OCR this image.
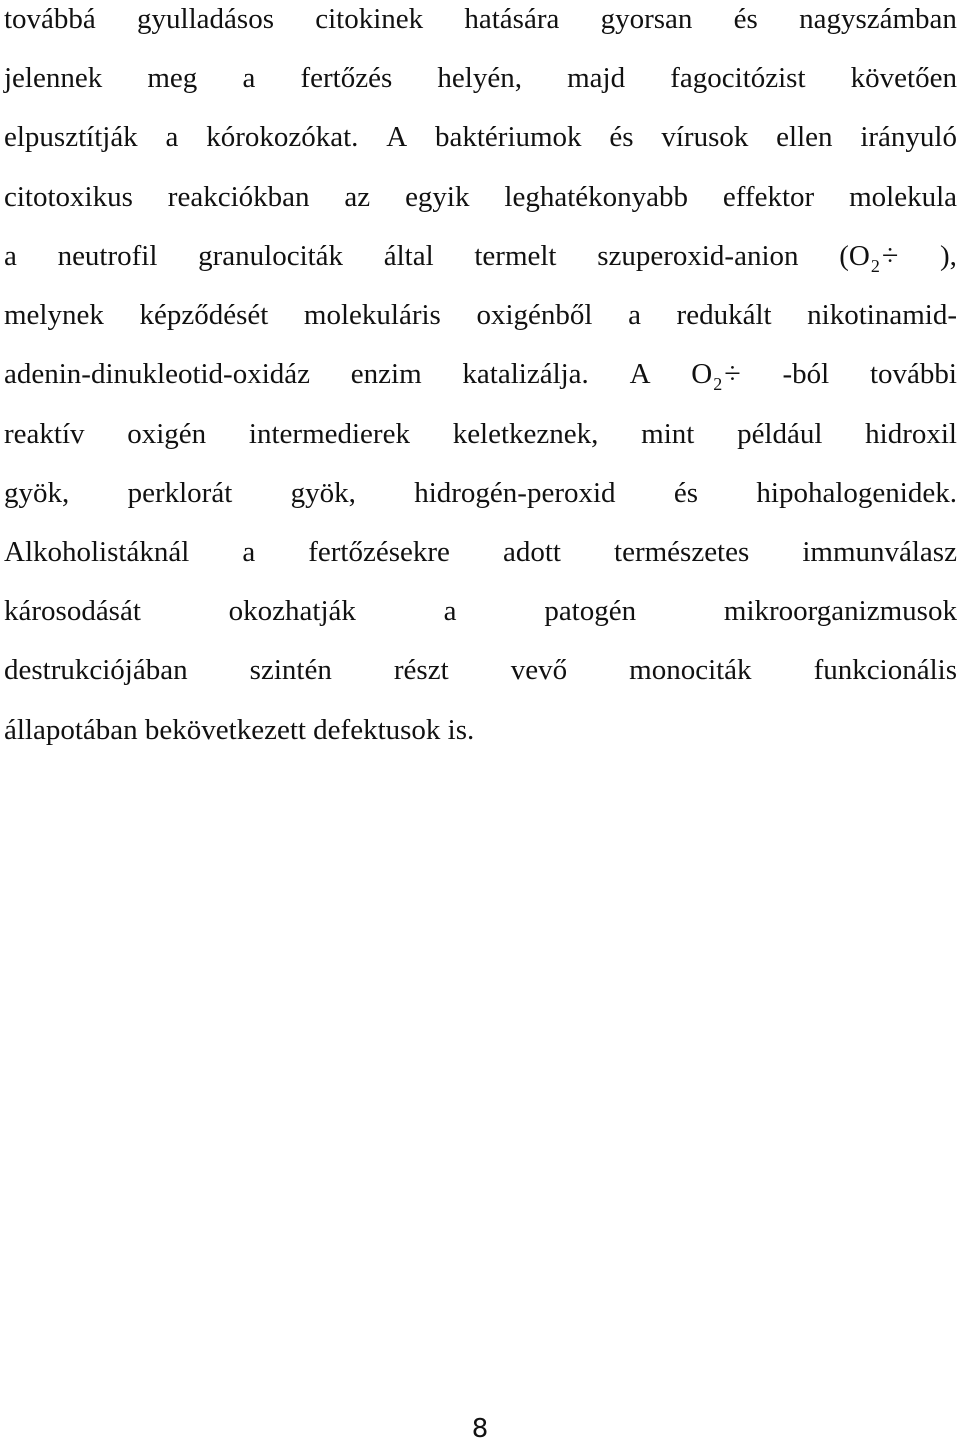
továbbá gyulladásos citokinek hatására gyorsan és nagyszámban
jelennek meg a fertőzés helyén, majd fagocitózist követően
elpusztítják a kórokozókat. A baktériumok és vírusok ellen irányuló
citotoxikus reakciókban az egyik leghatékonyabb effektor molekula
a neutrofil granulociták által termelt szuperoxid-anion ($O_2\div$ ),
melynek képződését molekuláris oxigénből a redukált nikotinamid-
adenin-dinukleotid-oxidáz enzim katalizálja. A $O_2\div$ -ból további
reaktív oxigén intermedierek keletkeznek, mint például hidroxil
gyök, perklorát gyök, hidrogén-peroxid és hipohalogenidek.
Alkoholistáknál a fertőzésekre adott természetes immunválasz
károsodását	okozhatják	a	patogén	mikroorganizmusok
destrukciójában szintén részt vevő monociták funkcionális
állapotában bekövetkezett defektusok is.
8
